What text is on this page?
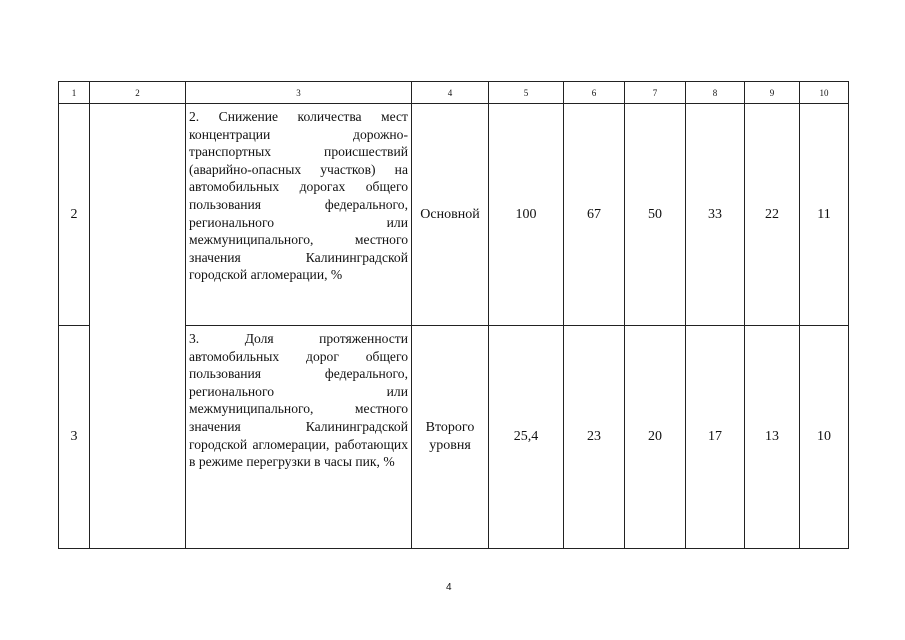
1	2	3	4	5	6	7	8	9	10
2		2. Снижение количества мест концентрации дорожно-транспортных происшествий (аварийно-опасных участков) на автомобильных дорогах общего пользования федерального, регионального или межмуниципального, местного значения Калининградской городской агломерации, %	Основной	100	67	50	33	22	11
3		3. Доля протяженности автомобильных дорог общего пользования федерального, регионального или межмуниципального, местного значения Калининградской городской агломерации, работающих в режиме перегрузки в часы пик, %	Второго уровня	25,4	23	20	17	13	10
4
